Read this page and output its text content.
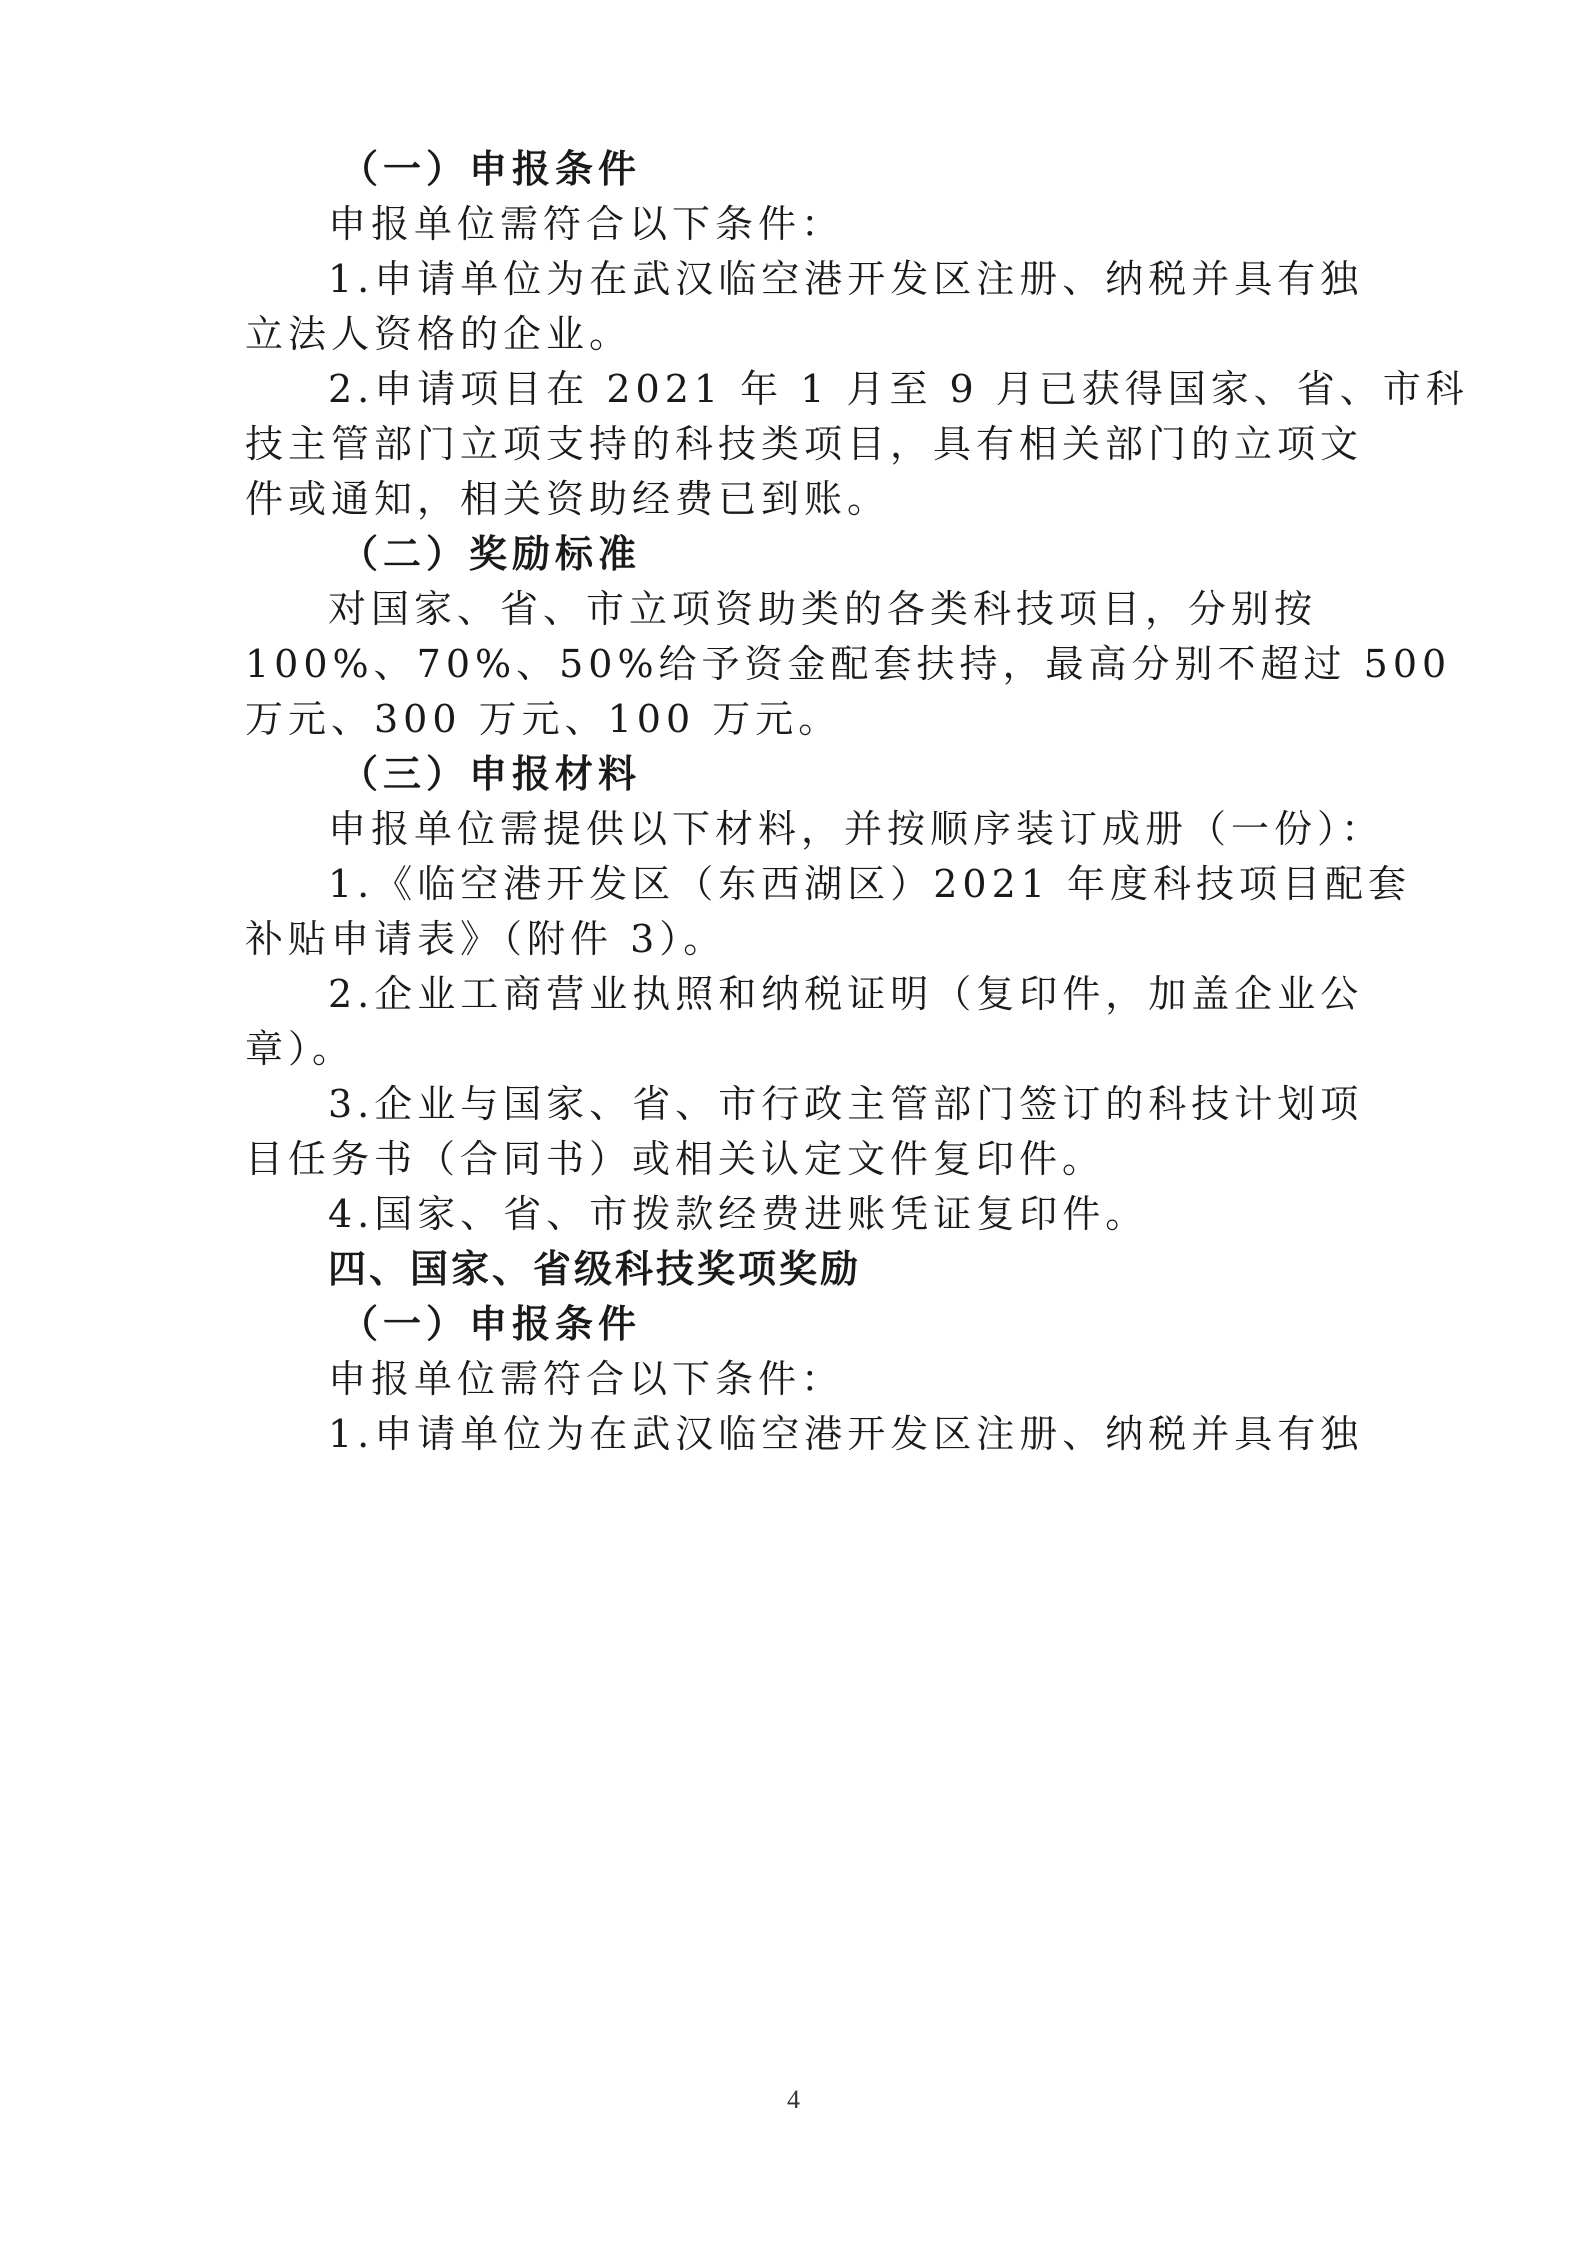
（一）申报条件
申报单位需符合以下条件：
1.申请单位为在武汉临空港开发区注册、纳税并具有独
立法人资格的企业。
2.申请项目在 2021 年 1 月至 9 月已获得国家、省、市科
技主管部门立项支持的科技类项目，具有相关部门的立项文
件或通知，相关资助经费已到账。
（二）奖励标准
对国家、省、市立项资助类的各类科技项目，分别按
100%、70%、50%给予资金配套扶持，最高分别不超过 500
万元、300 万元、100 万元。
（三）申报材料
申报单位需提供以下材料，并按顺序装订成册（一份）：
1.《临空港开发区（东西湖区）2021 年度科技项目配套
补贴申请表》（附件 3）。
2.企业工商营业执照和纳税证明（复印件，加盖企业公
章）。
3.企业与国家、省、市行政主管部门签订的科技计划项
目任务书（合同书）或相关认定文件复印件。
4.国家、省、市拨款经费进账凭证复印件。
四、国家、省级科技奖项奖励
（一）申报条件
申报单位需符合以下条件：
1.申请单位为在武汉临空港开发区注册、纳税并具有独
4
